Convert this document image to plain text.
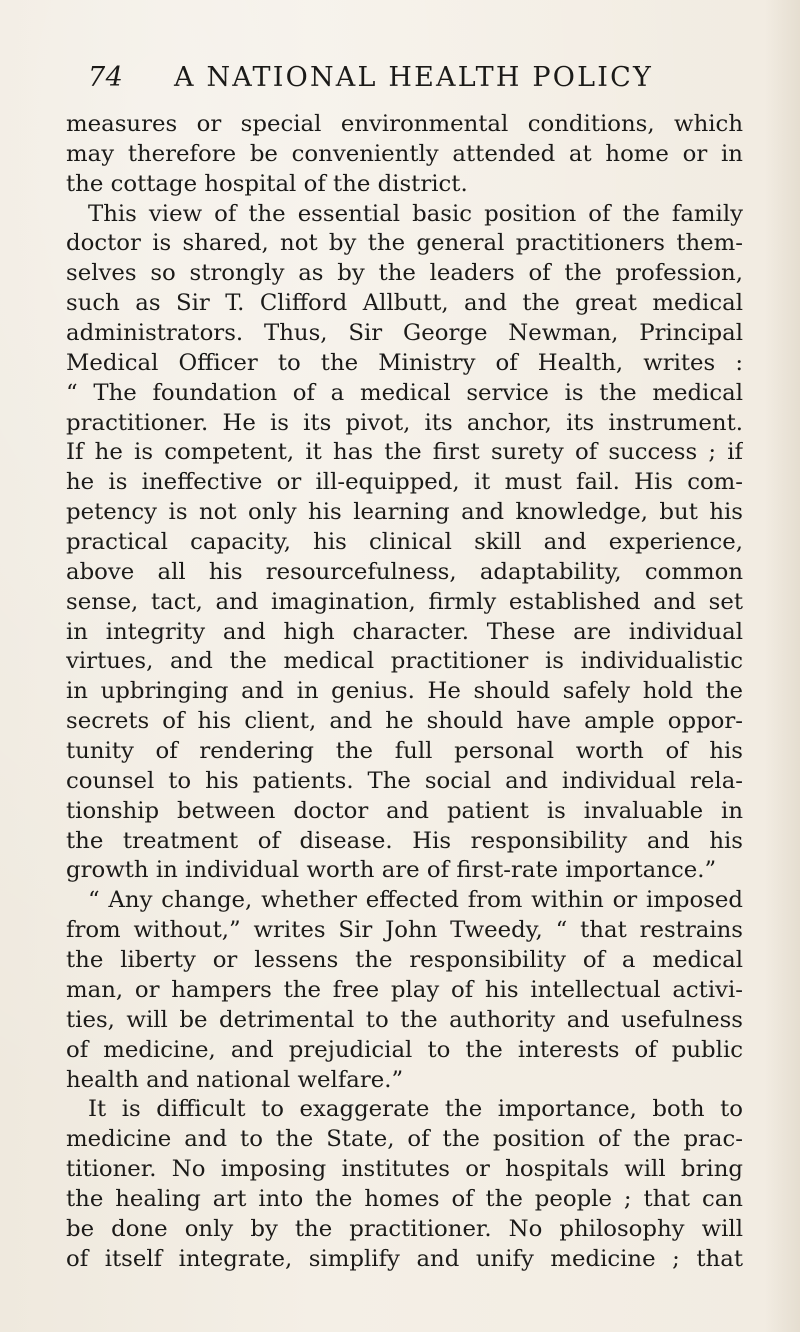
74 A NATIONAL HEALTH POLICY
measures or special environmental conditions, which
may therefore be conveniently attended at home or in
the cottage hospital of the district.
This view of the essential basic position of the family
doctor is shared, not by the general practitioners them-
selves so strongly as by the leaders of the profession,
such as Sir T. Clifford Allbutt, and the great medical
administrators. Thus, Sir George Newman, Principal
Medical Officer to the Ministry of Health, writes :
“ The foundation of a medical service is the medical
practitioner. He is its pivot, its anchor, its instrument.
If he is competent, it has the first surety of success ; if
he is ineffective or ill-equipped, it must fail. His com-
petency is not only his learning and knowledge, but his
practical capacity, his clinical skill and experience,
above all his resourcefulness, adaptability, common
sense, tact, and imagination, firmly established and set
in integrity and high character. These are individual
virtues, and the medical practitioner is individualistic
in upbringing and in genius. He should safely hold the
secrets of his client, and he should have ample oppor-
tunity of rendering the full personal worth of his
counsel to his patients. The social and individual rela-
tionship between doctor and patient is invaluable in
the treatment of disease. His responsibility and his
growth in individual worth are of first-rate importance.”
“ Any change, whether effected from within or imposed
from without,” writes Sir John Tweedy, “ that restrains
the liberty or lessens the responsibility of a medical
man, or hampers the free play of his intellectual activi-
ties, will be detrimental to the authority and usefulness
of medicine, and prejudicial to the interests of public
health and national welfare.”
It is difficult to exaggerate the importance, both to
medicine and to the State, of the position of the prac-
titioner. No imposing institutes or hospitals will bring
the healing art into the homes of the people ; that can
be done only by the practitioner. No philosophy will
of itself integrate, simplify and unify medicine ; that
